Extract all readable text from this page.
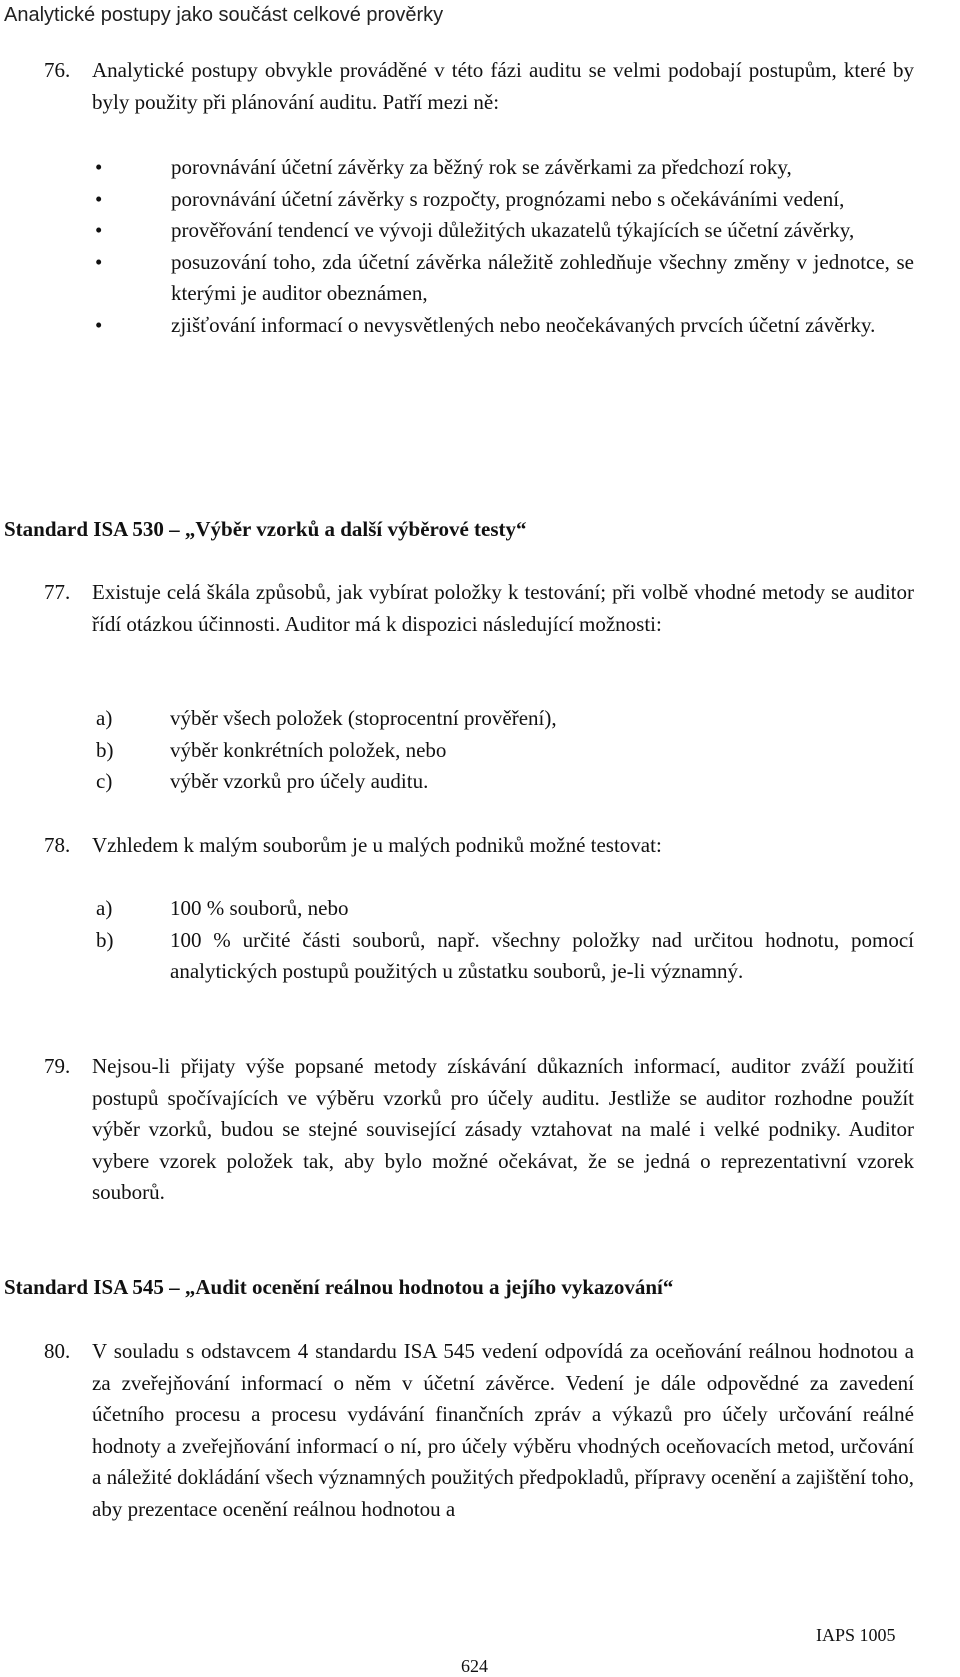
Analytické postupy jako součást celkové prověrky
76. Analytické postupy obvykle prováděné v této fázi auditu se velmi podobají postupům, které by byly použity při plánování auditu. Patří mezi ně:
•	porovnávání účetní závěrky za běžný rok se závěrkami za předchozí roky,
•	porovnávání účetní závěrky s rozpočty, prognózami nebo s očekáváními vedení,
•	prověřování tendencí ve vývoji důležitých ukazatelů týkajících se účetní závěrky,
•	posuzování toho, zda účetní závěrka náležitě zohledňuje všechny změny v jednotce, se kterými je auditor obeznámen,
•	zjišťování informací o nevysvětlených nebo neočekávaných prvcích účetní závěrky.
Standard ISA 530 – „Výběr vzorků a další výběrové testy“
77. Existuje celá škála způsobů, jak vybírat položky k testování; při volbě vhodné metody se auditor řídí otázkou účinnosti. Auditor má k dispozici následující možnosti:
a)	výběr všech položek (stoprocentní prověření),
b)	výběr konkrétních položek, nebo
c)	výběr vzorků pro účely auditu.
78. Vzhledem k malým souborům je u malých podniků možné testovat:
a)	100 % souborů, nebo
b)	100 % určité části souborů, např. všechny položky nad určitou hodnotu, pomocí analytických postupů použitých u zůstatku souborů, je-li významný.
79. Nejsou-li přijaty výše popsané metody získávání důkazních informací, auditor zváží použití postupů spočívajících ve výběru vzorků pro účely auditu. Jestliže se auditor rozhodne použít výběr vzorků, budou se stejné související zásady vztahovat na malé i velké podniky. Auditor vybere vzorek položek tak, aby bylo možné očekávat, že se jedná o reprezentativní vzorek souborů.
Standard ISA 545 – „Audit ocenění reálnou hodnotou a jejího vykazování“
80. V souladu s odstavcem 4 standardu ISA 545 vedení odpovídá za oceňování reálnou hodnotou a za zveřejňování informací o něm v účetní závěrce. Vedení je dále odpovědné za zavedení účetního procesu a procesu vydávání finančních zpráv a výkazů pro účely určování reálné hodnoty a zveřejňování informací o ní, pro účely výběru vhodných oceňovacích metod, určování a náležité dokládání všech významných použitých předpokladů, přípravy ocenění a zajištění toho, aby prezentace ocenění reálnou hodnotou a
IAPS 1005
624
